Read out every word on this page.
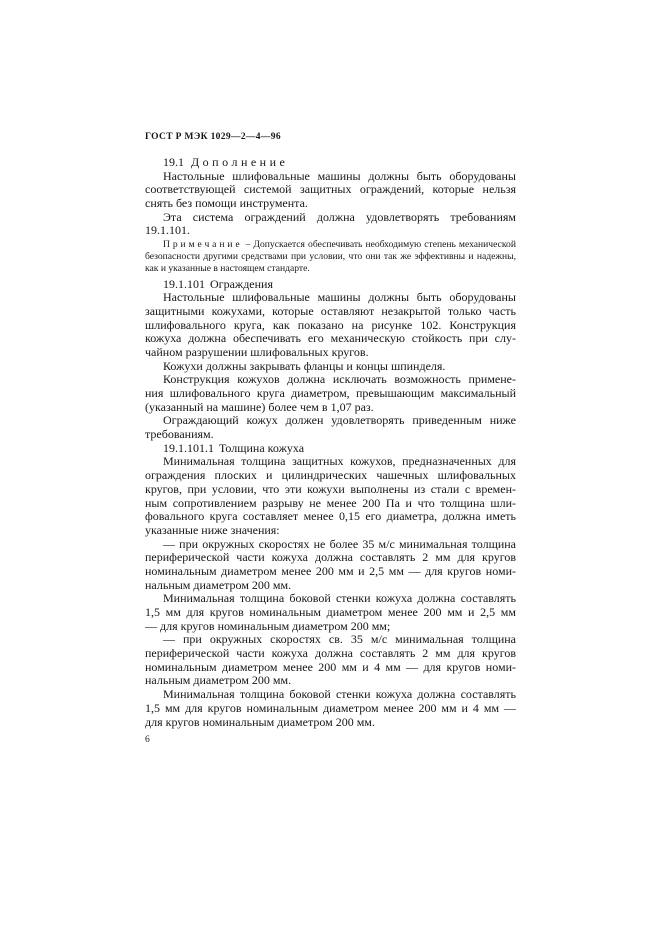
ГОСТ Р МЭК 1029—2—4—96
19.1 Дополнение
Настольные шлифовальные машины должны быть оборудованы
соответствующей системой защитных ограждений, которые нельзя
снять без помощи инструмента.
Эта система ограждений должна удовлетворять требованиям
19.1.101.
Примечание – Допускается обеспечивать необходимую степень механической
безопасности другими средствами при условии, что они так же эффективны и надежны,
как и указанные в настоящем стандарте.
19.1.101 Ограждения
Настольные шлифовальные машины должны быть оборудованы
защитными кожухами, которые оставляют незакрытой только часть
шлифовального круга, как показано на рисунке 102. Конструкция
кожуха должна обеспечивать его механическую стойкость при слу-
чайном разрушении шлифовальных кругов.
Кожухи должны закрывать фланцы и концы шпинделя.
Конструкция кожухов должна исключать возможность примене-
ния шлифовального круга диаметром, превышающим максимальный
(указанный на машине) более чем в 1,07 раз.
Ограждающий кожух должен удовлетворять приведенным ниже
требованиям.
19.1.101.1 Толщина кожуха
Минимальная толщина защитных кожухов, предназначенных для
ограждения плоских и цилиндрических чашечных шлифовальных
кругов, при условии, что эти кожухи выполнены из стали с времен-
ным сопротивлением разрыву не менее 200 Па и что толщина шли-
фовального круга составляет менее 0,15 его диаметра, должна иметь
указанные ниже значения:
— при окружных скоростях не более 35 м/с минимальная толщина
периферической части кожуха должна составлять 2 мм для кругов
номинальным диаметром менее 200 мм и 2,5 мм — для кругов номи-
нальным диаметром 200 мм.
Минимальная толщина боковой стенки кожуха должна составлять
1,5 мм для кругов номинальным диаметром менее 200 мм и 2,5 мм
— для кругов номинальным диаметром 200 мм;
— при окружных скоростях св. 35 м/с минимальная толщина
периферической части кожуха должна составлять 2 мм для кругов
номинальным диаметром менее 200 мм и 4 мм — для кругов номи-
нальным диаметром 200 мм.
Минимальная толщина боковой стенки кожуха должна составлять
1,5 мм для кругов номинальным диаметром менее 200 мм и 4 мм —
для кругов номинальным диаметром 200 мм.
6
